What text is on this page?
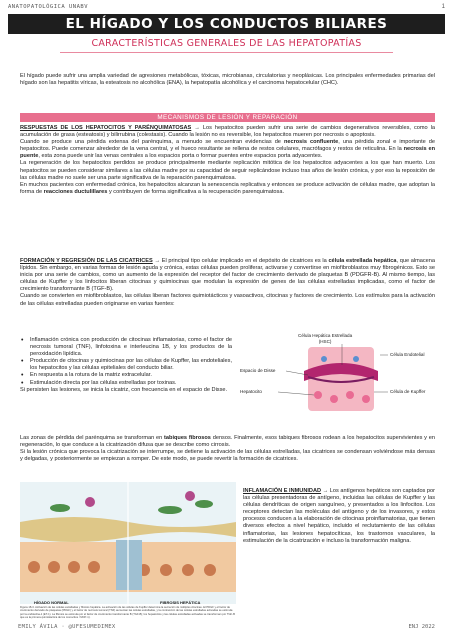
ANATOPATOLÓGICA UNABV	1
EL HÍGADO Y LOS CONDUCTOS BILIARES
CARACTERÍSTICAS GENERALES DE LAS HEPATOPATÍAS
El hígado puede sufrir una amplia variedad de agresiones metabólicas, tóxicas, microbianas, circulatorias y neoplásicas. Los principales enfermedades primarias del hígado son las hepatitis víricas, la esteatosis no alcohólica (ENA), la hepatopatía alcohólica y el carcinoma hepatocelular (CHC).
MECANISMOS DE LESIÓN Y REPARACIÓN

RESPUESTAS DE LOS HEPATOCITOS Y PARÉNQUIMATOSAS → Los hepatocitos pueden sufrir una serie de cambios degenerativos reversibles, como la acumulación de grasa (esteatosis) y bilirrubina (colestasis). Cuando la lesión no es reversible, los hepatocitos mueren por necrosis o apoptosis.

Cuando se produce una pérdida extensa del parénquima, a menudo se encuentran evidencias de necrosis confluente, una pérdida zonal e importante de hepatocitos. Puede comenzar alrededor de la vena central, y el hueco resultante se rellena de restos celulares, macrófagos y restos de reticulina. En la necrosis en puente, esta zona puede unir las venas centrales a los espacios porta o formar puentes entre espacios porta adyacentes.

La regeneración de los hepatocitos perdidos se produce principalmente mediante replicación mitótica de los hepatocitos adyacentes a los que han muerto. Los hepatocitos se pueden considerar similares a las células madre por su capacidad de seguir replicándose incluso tras años de lesión crónica, y por eso la reposición de las células madre no suele ser una parte significativa de la reparación parenquimatosa.

En muchos pacientes con enfermedad crónica, los hepatocitos alcanzan la senescencia replicativa y entonces se produce activación de células madre, que adoptan la forma de reacciones ductulillares y contribuyen de forma significativa a la recuperación parenquimatosa.

FORMACIÓN Y REGRESIÓN DE LAS CICATRICES → El principal tipo celular implicado en el depósito de cicatrices es la célula estrellada hepática, que almacena lípidos. Sin embargo, en varias formas de lesión aguda y crónica, estas células pueden proliferar, activarse y convertirse en miofibroblastos muy fibrogénicos. Esto se inicia por una serie de cambios, como un aumento de la expresión del receptor del factor de crecimiento derivado de plaquetas B (PDGFR-B). Al mismo tiempo, las células de Kupffer y los linfocitos liberan citocinas y quimiocinas que modulan la expresión de genes de las células estrelladas implicadas, como el factor de crecimiento transformante B (TGF-B).

Cuando se convierten en miofibroblastos, las células liberan factores quimiotácticos y vasoactivos, citocinas y factores de crecimiento. Los estímulos para la activación de las células estrelladas pueden originarse en varias fuentes:

• Inflamación crónica con producción de citocinas inflamatorias, como el factor de necrosis tumoral (TNF), linfotoxina e interleucina 1B, y los productos de la peroxidación lipídica.
• Producción de citocinas y quimiocinas por las células de Kupffer, las endoteliales, los hepatocitos y las células epiteliales del conducto biliar.
• En respuesta a la rotura de la matriz extracelular.
• Estimulación directa por las células estrelladas por toxinas.

Si persisten las lesiones, se inicia la cicatriz, con frecuencia en el espacio de Disse.

Célula Hepática Estrellada
(HSC)
Célula Endotelial
Espacio de Disse
Hepatocito	Célula de Kupffer

Las zonas de pérdida del parénquima se transforman en tabiques fibrosos densos. Finalmente, esos tabiques fibrosos rodean a los hepatocitos supervivientes y en regeneración, lo que conduce a la cicatrización difusa que se describe como cirrosis.

Si la lesión crónica que provoca la cicatrización se interrumpe, se detiene la activación de las células estrelladas, las cicatrices se condensan volviéndose más densas y delgadas, y posteriormente se empiezan a romper. De este modo, se puede revertir la formación de cicatrices.

HÍGADO NORMAL	FIBROSIS HEPÁTICA
Figura 18-3. Activación de las células estrelladas y fibrosis hepática. La activación de las células de Kupffer determina la secreción de múltiples citocinas. El PDGF y el factor de crecimiento derivado de plaquetas (PDGF) y el factor de necrosis tumoral (TNF) aumentan las células estrelladas, y la contracción de las células estrelladas activadas se estimula por la endotelina-1 (ET-1). La fibrosis se estimula por el factor de crecimiento transformante B (TGF-B); los hepatocitos y las células estrelladas activadas se transforman por TGF-B que es la primera quimiotáctica de los monocitos / MCP-1).

INFLAMACIÓN E INMUNIDAD → Los antígenos hepáticos son captados por las células presentadoras de antígeno, incluidas las células de Kupffer y las células dendríticas de origen sanguíneo, y presentados a los linfocitos. Los receptores detectan las moléculas del antígeno y de los invasores, y estos procesos conducen a la elaboración de citocinas proinflamatorias, que tienen diversos efectos a nivel hepático, incluido el reclutamiento de las células inflamatorias, las lesiones hepatocíticas, los trastornos vasculares, la estimulación de la cicatrización e incluso la transformación maligna.

EMILY ÁVILA · @UFESUMEDIMEX	ENJ 2022
